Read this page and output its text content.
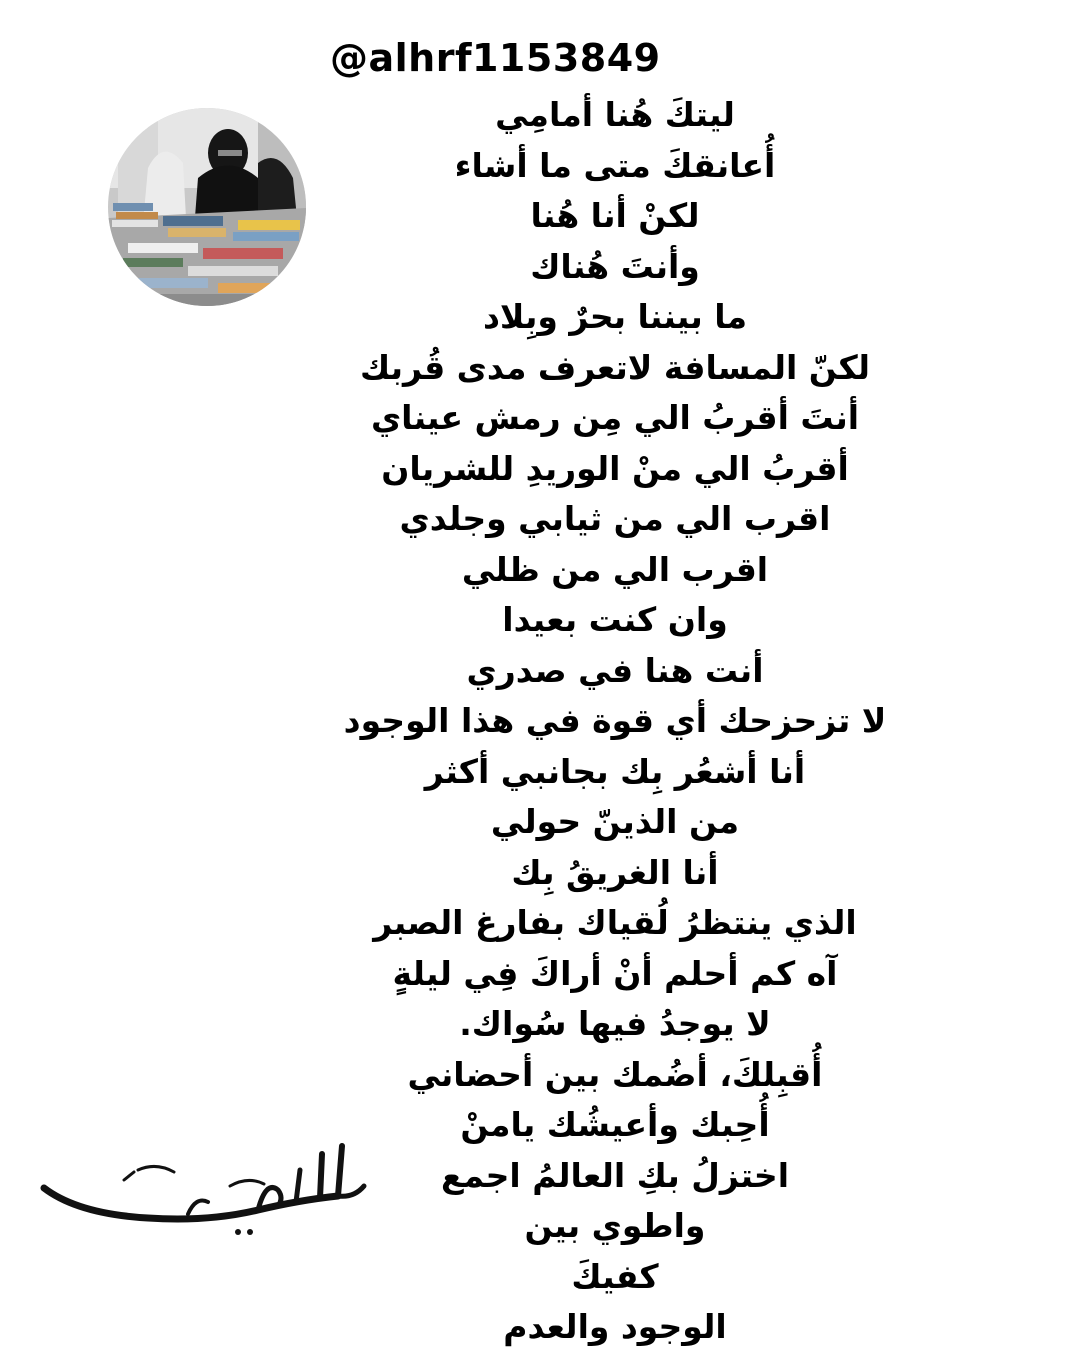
@alhrf1153849
ليتكَ هُنا أمامِي
أُعانقكَ متى ما أشاء
لكنْ أنا هُنا
وأنتَ هُناك
ما بيننا بحرٌ وبِلاد
لكنّ المسافة لاتعرف مدى قُربك
أنتَ أقربُ الي مِن رمش عيناي
أقربُ الي منْ الوريدِ للشريان
اقرب الي من ثيابي وجلدي
اقرب الي من ظلي
وان كنت بعيدا
أنت هنا في صدري
لا تزحزحك أي قوة في هذا الوجود
أنا أشعُر بِك بجانبي أكثر
من الذينّ حولي
أنا الغريقُ بِك
الذي ينتظرُ لُقياك بفارغ الصبر
آه كم أحلم أنْ أراكَ فِي ليلةٍ
لا يوجدُ فيها سُواك.
أُقبِلكَ، أضُمك بين أحضاني
أُحِبك وأعيشُك يامنْ
اختزلُ بكِ العالمُ اجمع
واطوي بين
كفيكَ
الوجود والعدم
